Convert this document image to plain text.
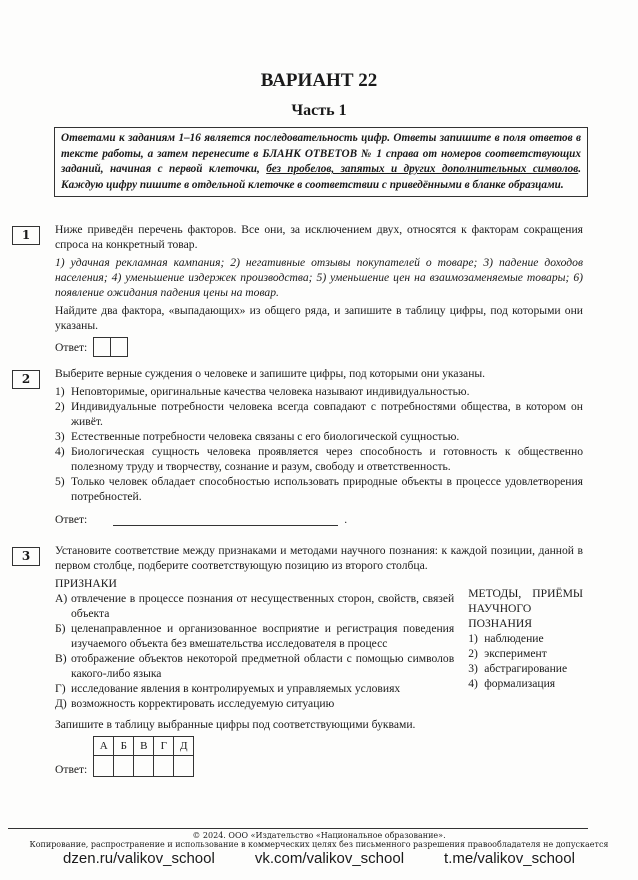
ВАРИАНТ 22
Часть 1
Ответами к заданиям 1–16 является последовательность цифр. Ответы запишите в поля ответов в тексте работы, а затем перенесите в БЛАНК ОТВЕТОВ № 1 справа от номеров соответствующих заданий, начиная с первой клеточки, без пробелов, запятых и других дополнительных символов. Каждую цифру пишите в отдельной клеточке в соответствии с приведёнными в бланке образцами.
1	Ниже приведён перечень факторов. Все они, за исключением двух, относятся к факторам сокращения спроса на конкретный товар.

1) удачная рекламная кампания; 2) негативные отзывы покупателей о товаре; 3) падение доходов населения; 4) уменьшение издержек производства; 5) уменьшение цен на взаимозаменяемые товары; 6) появление ожидания падения цены на товар.

Найдите два фактора, «выпадающих» из общего ряда, и запишите в таблицу цифры, под которыми они указаны.

Ответ:
2	Выберите верные суждения о человеке и запишите цифры, под которыми они указаны.

1) Неповторимые, оригинальные качества человека называют индивидуальностью.
2) Индивидуальные потребности человека всегда совпадают с потребностями общества, в котором он живёт.
3) Естественные потребности человека связаны с его биологической сущностью.
4) Биологическая сущность человека проявляется через способность и готовность к общественно полезному труду и творчеству, сознание и разум, свободу и ответственность.
5) Только человек обладает способностью использовать природные объекты в процессе удовлетворения потребностей.
Ответ:	.
3	Установите соответствие между признаками и методами научного познания: к каждой позиции, данной в первом столбце, подберите соответствующую позицию из второго столбца.

ПРИЗНАКИ
А) отвлечение в процессе познания от несущественных сторон, свойств, связей объекта
Б) целенаправленное и организованное восприятие и регистрация поведения изучаемого объекта без вмешательства исследователя в процесс
В) отображение объектов некоторой предметной области с помощью символов какого-либо языка
Г) исследование явления в контролируемых и управляемых условиях
Д) возможность корректировать исследуемую ситуацию
МЕТОДЫ, ПРИЁМЫ НАУЧНОГО ПОЗНАНИЯ
1) наблюдение
2) эксперимент
3) абстрагирование
4) формализация

Запишите в таблицу выбранные цифры под соответствующими буквами.

Ответ:
А	Б	В	Г	Д

© 2024. ООО «Издательство «Национальное образование».
Копирование, распространение и использование в коммерческих целях без письменного разрешения правообладателя не допускается
dzen.ru/valikov_school	vk.com/valikov_school	t.me/valikov_school
